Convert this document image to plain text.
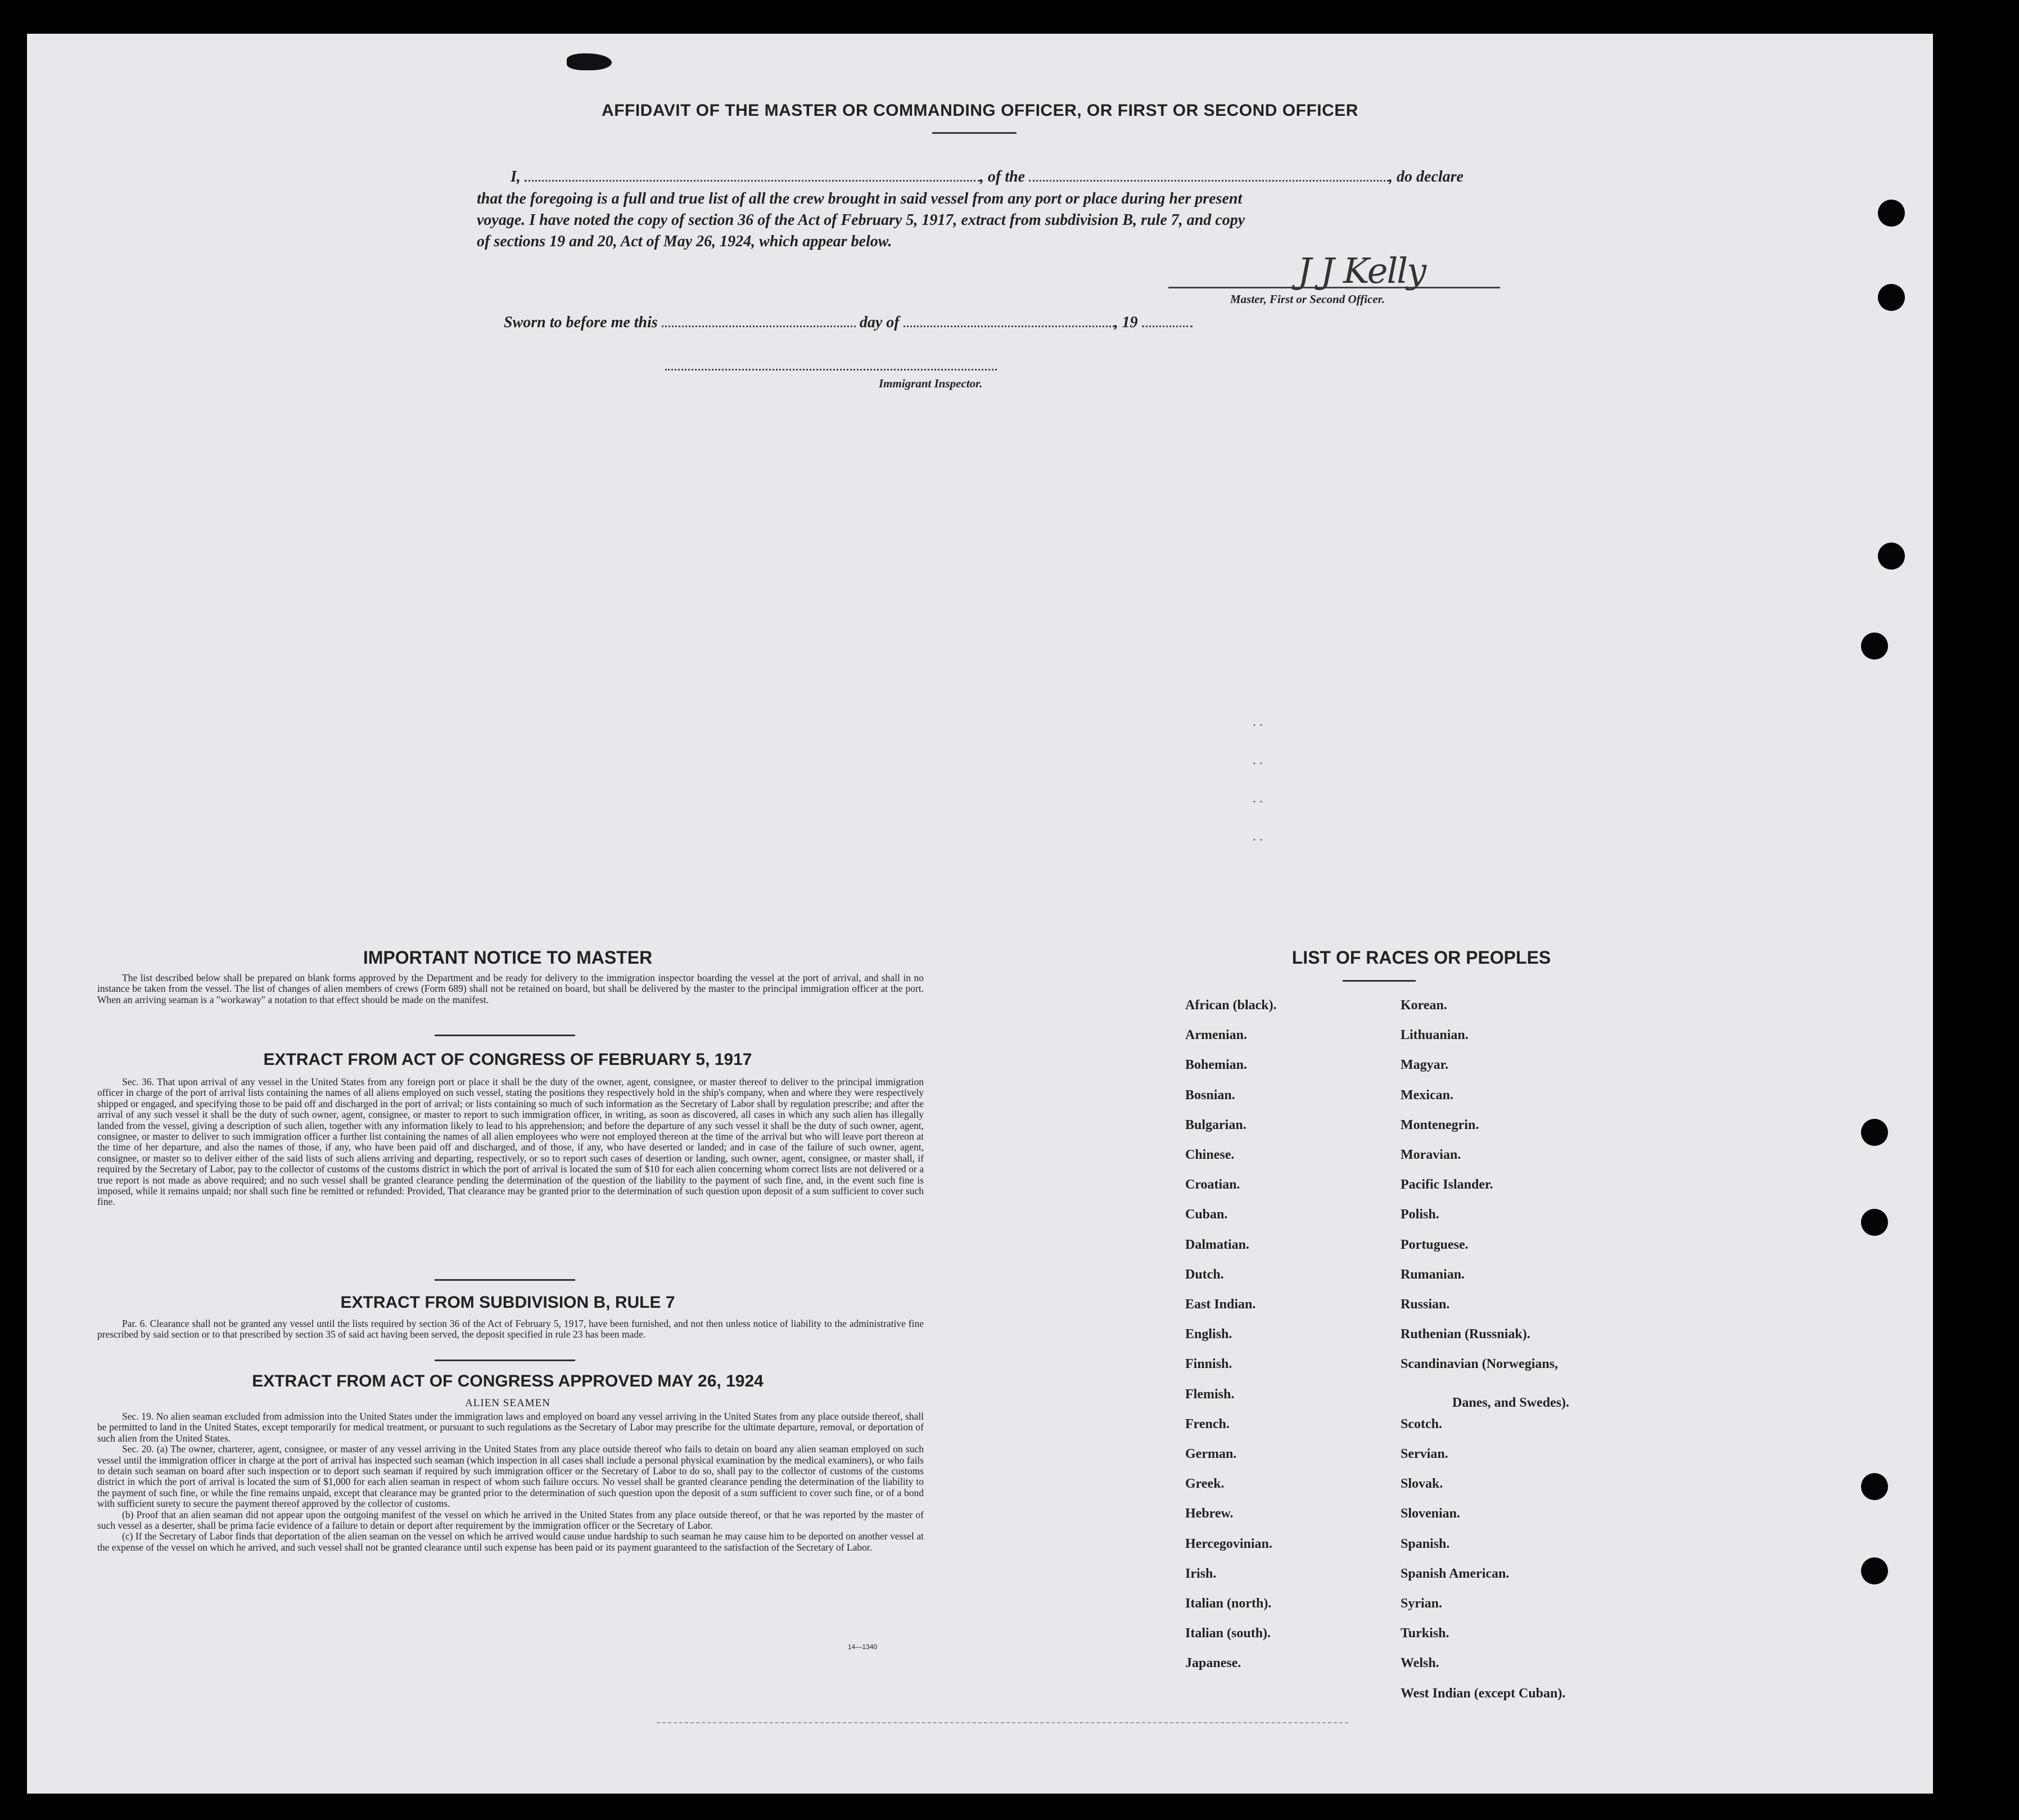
AFFIDAVIT OF THE MASTER OR COMMANDING OFFICER, OR FIRST OR SECOND OFFICER
I,	, of the	, do declare
that the foregoing is a full and true list of all the crew brought in said vessel from any port or place during her present
voyage. I have noted the copy of section 36 of the Act of February 5, 1917, extract from subdivision B, rule 7, and copy
of sections 19 and 20, Act of May 26, 1924, which appear below.
J J Kelly
Master, First or Second Officer.
Sworn to before me this	day of	, 19
Immigrant Inspector.
IMPORTANT NOTICE TO MASTER

The list described below shall be prepared on blank forms approved by the Department and be ready for delivery to the immigration inspector boarding the vessel at the port of arrival, and shall in no instance be taken from the vessel. The list of changes of alien members of crews (Form 689) shall not be retained on board, but shall be delivered by the master to the principal immigration officer at the port. When an arriving seaman is a "workaway" a notation to that effect should be made on the manifest.

EXTRACT FROM ACT OF CONGRESS OF FEBRUARY 5, 1917

Sec. 36. That upon arrival of any vessel in the United States from any foreign port or place it shall be the duty of the owner, agent, consignee, or master thereof to deliver to the principal immigration officer in charge of the port of arrival lists containing the names of all aliens employed on such vessel, stating the positions they respectively hold in the ship's company, when and where they were respectively shipped or engaged, and specifying those to be paid off and discharged in the port of arrival; or lists containing so much of such information as the Secretary of Labor shall by regulation prescribe; and after the arrival of any such vessel it shall be the duty of such owner, agent, consignee, or master to report to such immigration officer, in writing, as soon as discovered, all cases in which any such alien has illegally landed from the vessel, giving a description of such alien, together with any information likely to lead to his apprehension; and before the departure of any such vessel it shall be the duty of such owner, agent, consignee, or master to deliver to such immigration officer a further list containing the names of all alien employees who were not employed thereon at the time of the arrival but who will leave port thereon at the time of her departure, and also the names of those, if any, who have been paid off and discharged, and of those, if any, who have deserted or landed; and in case of the failure of such owner, agent, consignee, or master so to deliver either of the said lists of such aliens arriving and departing, respectively, or so to report such cases of desertion or landing, such owner, agent, consignee, or master shall, if required by the Secretary of Labor, pay to the collector of customs of the customs district in which the port of arrival is located the sum of $10 for each alien concerning whom correct lists are not delivered or a true report is not made as above required; and no such vessel shall be granted clearance pending the determination of the question of the liability to the payment of such fine, and, in the event such fine is imposed, while it remains unpaid; nor shall such fine be remitted or refunded: Provided, That clearance may be granted prior to the determination of such question upon deposit of a sum sufficient to cover such fine.

EXTRACT FROM SUBDIVISION B, RULE 7

Par. 6. Clearance shall not be granted any vessel until the lists required by section 36 of the Act of February 5, 1917, have been furnished, and not then unless notice of liability to the administrative fine prescribed by said section or to that prescribed by section 35 of said act having been served, the deposit specified in rule 23 has been made.

EXTRACT FROM ACT OF CONGRESS APPROVED MAY 26, 1924
ALIEN SEAMEN

Sec. 19. No alien seaman excluded from admission into the United States under the immigration laws and employed on board any vessel arriving in the United States from any place outside thereof, shall be permitted to land in the United States, except temporarily for medical treatment, or pursuant to such regulations as the Secretary of Labor may prescribe for the ultimate departure, removal, or deportation of such alien from the United States.

Sec. 20. (a) The owner, charterer, agent, consignee, or master of any vessel arriving in the United States from any place outside thereof who fails to detain on board any alien seaman employed on such vessel until the immigration officer in charge at the port of arrival has inspected such seaman (which inspection in all cases shall include a personal physical examination by the medical examiners), or who fails to detain such seaman on board after such inspection or to deport such seaman if required by such immigration officer or the Secretary of Labor to do so, shall pay to the collector of customs of the customs district in which the port of arrival is located the sum of $1,000 for each alien seaman in respect of whom such failure occurs. No vessel shall be granted clearance pending the determination of the liability to the payment of such fine, or while the fine remains unpaid, except that clearance may be granted prior to the determination of such question upon the deposit of a sum sufficient to cover such fine, or of a bond with sufficient surety to secure the payment thereof approved by the collector of customs.

(b) Proof that an alien seaman did not appear upon the outgoing manifest of the vessel on which he arrived in the United States from any place outside thereof, or that he was reported by the master of such vessel as a deserter, shall be prima facie evidence of a failure to detain or deport after requirement by the immigration officer or the Secretary of Labor.

(c) If the Secretary of Labor finds that deportation of the alien seaman on the vessel on which he arrived would cause undue hardship to such seaman he may cause him to be deported on another vessel at the expense of the vessel on which he arrived, and such vessel shall not be granted clearance until such expense has been paid or its payment guaranteed to the satisfaction of the Secretary of Labor.

14—1340
LIST OF RACES OR PEOPLES
Danes, and Swedes).
. .
. .
. .
. .
African (black).
Armenian.
Bohemian.
Bosnian.
Bulgarian.
Chinese.
Croatian.
Cuban.
Dalmatian.
Dutch.
East Indian.
English.
Finnish.
Flemish.
French.
German.
Greek.
Hebrew.
Hercegovinian.
Irish.
Italian (north).
Italian (south).
Japanese.
Korean.
Lithuanian.
Magyar.
Mexican.
Montenegrin.
Moravian.
Pacific Islander.
Polish.
Portuguese.
Rumanian.
Russian.
Ruthenian (Russniak).
Scandinavian (Norwegians,
Scotch.
Servian.
Slovak.
Slovenian.
Spanish.
Spanish American.
Syrian.
Turkish.
Welsh.
West Indian (except Cuban).
